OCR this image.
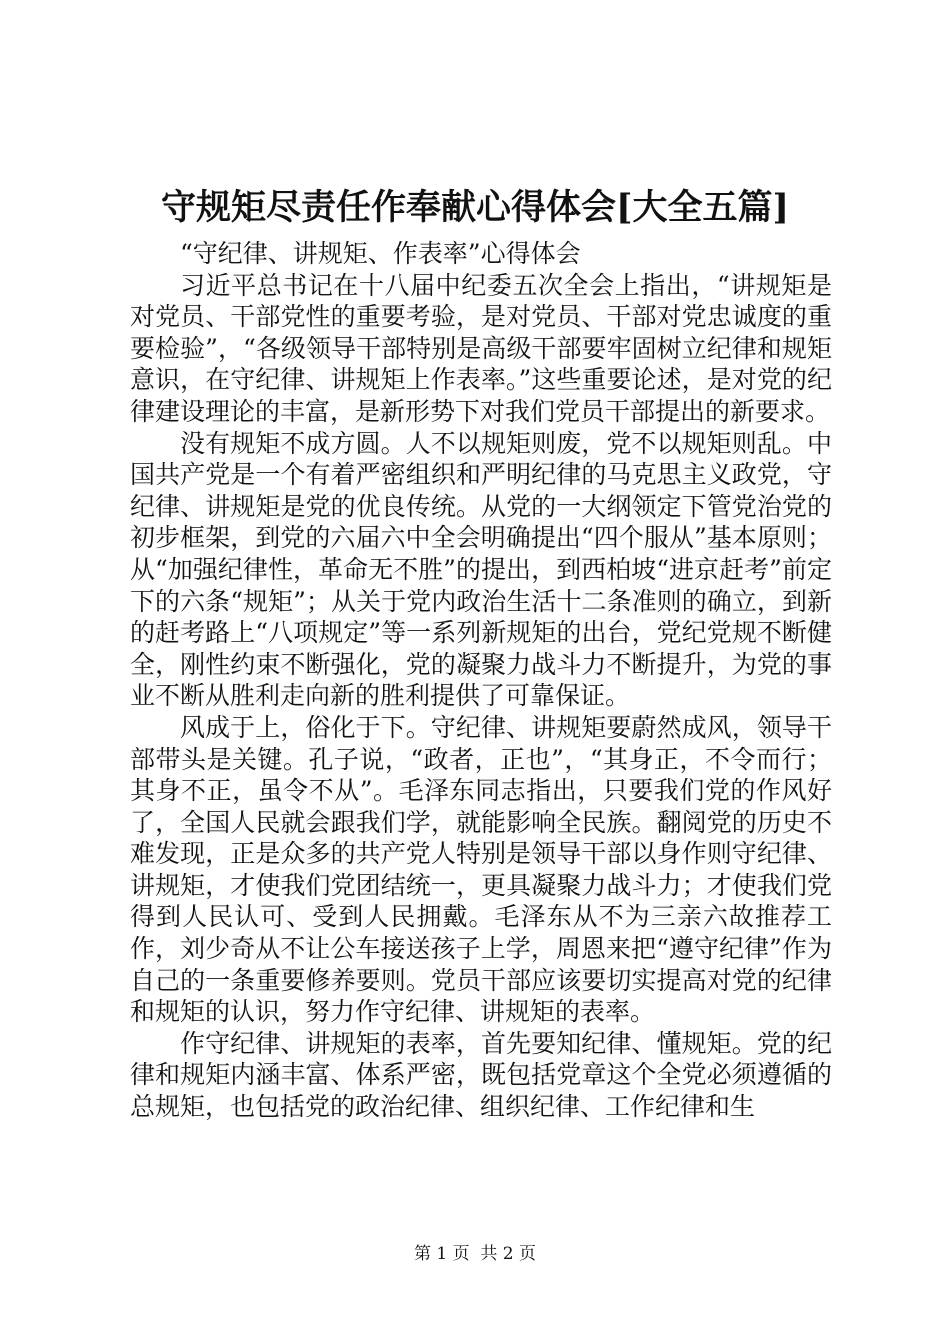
守规矩尽责任作奉献心得体会[大全五篇]

“守纪律、讲规矩、作表率”心得体会

习近平总书记在十八届中纪委五次全会上指出，“讲规矩是对党员、干部党性的重要考验，是对党员、干部对党忠诚度的重要检验”，“各级领导干部特别是高级干部要牢固树立纪律和规矩意识，在守纪律、讲规矩上作表率。”这些重要论述，是对党的纪律建设理论的丰富，是新形势下对我们党员干部提出的新要求。

没有规矩不成方圆。人不以规矩则废，党不以规矩则乱。中国共产党是一个有着严密组织和严明纪律的马克思主义政党，守纪律、讲规矩是党的优良传统。从党的一大纲领定下管党治党的初步框架，到党的六届六中全会明确提出“四个服从”基本原则；从“加强纪律性，革命无不胜”的提出，到西柏坡“进京赶考”前定下的六条“规矩”；从关于党内政治生活十二条准则的确立，到新的赶考路上“八项规定”等一系列新规矩的出台，党纪党规不断健全，刚性约束不断强化，党的凝聚力战斗力不断提升，为党的事业不断从胜利走向新的胜利提供了可靠保证。

风成于上，俗化于下。守纪律、讲规矩要蔚然成风，领导干部带头是关键。孔子说，“政者，正也”，“其身正，不令而行；其身不正，虽令不从”。毛泽东同志指出，只要我们党的作风好了，全国人民就会跟我们学，就能影响全民族。翻阅党的历史不难发现，正是众多的共产党人特别是领导干部以身作则守纪律、讲规矩，才使我们党团结统一，更具凝聚力战斗力；才使我们党得到人民认可、受到人民拥戴。毛泽东从不为三亲六故推荐工作，刘少奇从不让公车接送孩子上学，周恩来把“遵守纪律”作为自己的一条重要修养要则。党员干部应该要切实提高对党的纪律和规矩的认识，努力作守纪律、讲规矩的表率。

作守纪律、讲规矩的表率，首先要知纪律、懂规矩。党的纪律和规矩内涵丰富、体系严密，既包括党章这个全党必须遵循的总规矩，也包括党的政治纪律、组织纪律、工作纪律和生

第 1 页  共 2 页
